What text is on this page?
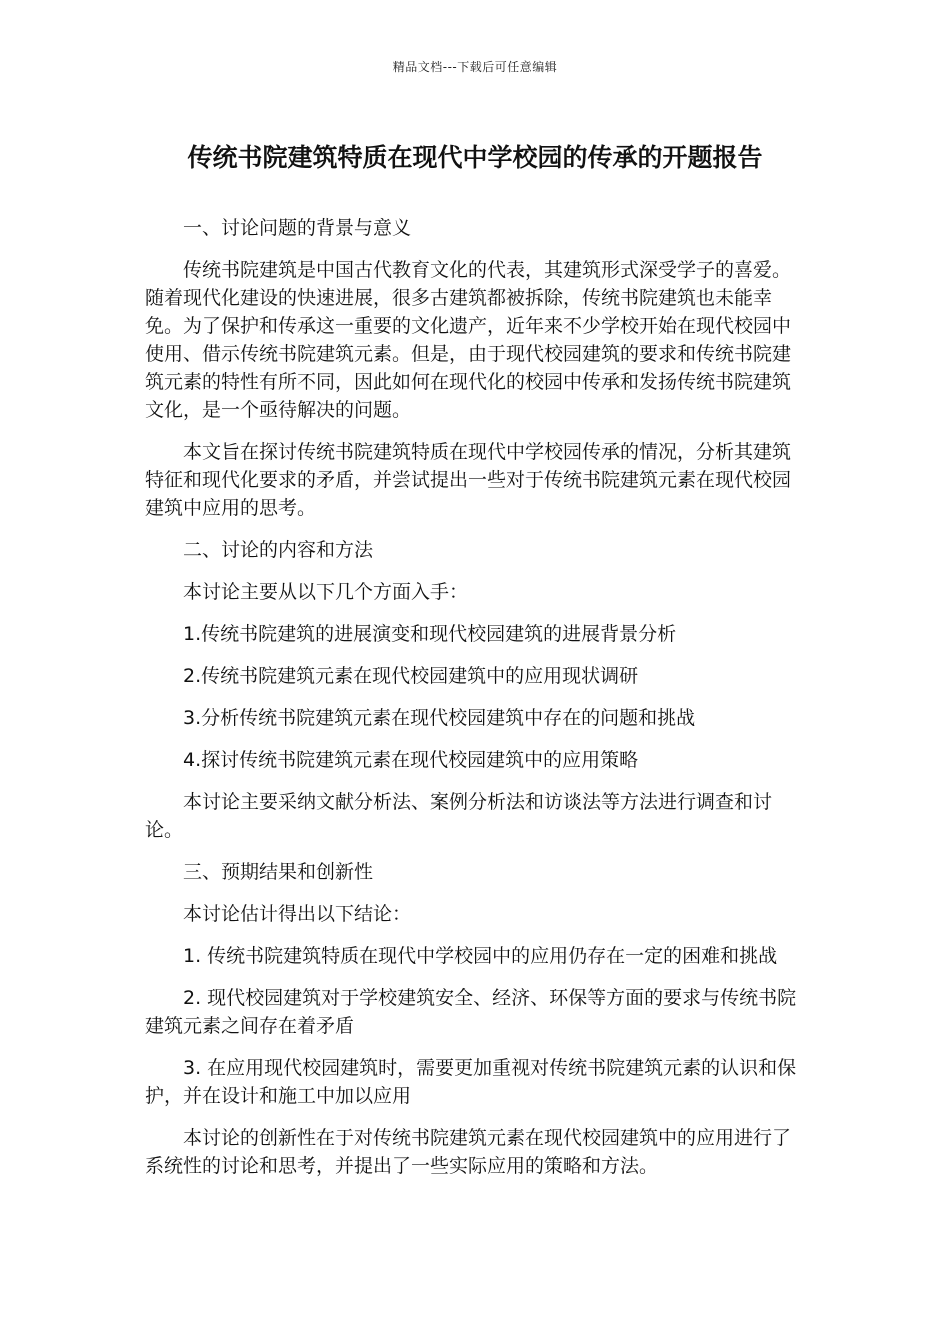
精品文档---下载后可任意编辑
传统书院建筑特质在现代中学校园的传承的开题报告

一、讨论问题的背景与意义

传统书院建筑是中国古代教育文化的代表，其建筑形式深受学子的喜爱。随着现代化建设的快速进展，很多古建筑都被拆除，传统书院建筑也未能幸免。为了保护和传承这一重要的文化遗产，近年来不少学校开始在现代校园中使用、借示传统书院建筑元素。但是，由于现代校园建筑的要求和传统书院建筑元素的特性有所不同，因此如何在现代化的校园中传承和发扬传统书院建筑文化，是一个亟待解决的问题。

本文旨在探讨传统书院建筑特质在现代中学校园传承的情况，分析其建筑特征和现代化要求的矛盾，并尝试提出一些对于传统书院建筑元素在现代校园建筑中应用的思考。

二、讨论的内容和方法

本讨论主要从以下几个方面入手：

1.传统书院建筑的进展演变和现代校园建筑的进展背景分析

2.传统书院建筑元素在现代校园建筑中的应用现状调研

3.分析传统书院建筑元素在现代校园建筑中存在的问题和挑战

4.探讨传统书院建筑元素在现代校园建筑中的应用策略

本讨论主要采纳文献分析法、案例分析法和访谈法等方法进行调查和讨论。

三、预期结果和创新性

本讨论估计得出以下结论：

1. 传统书院建筑特质在现代中学校园中的应用仍存在一定的困难和挑战

2. 现代校园建筑对于学校建筑安全、经济、环保等方面的要求与传统书院建筑元素之间存在着矛盾

3. 在应用现代校园建筑时，需要更加重视对传统书院建筑元素的认识和保护，并在设计和施工中加以应用

本讨论的创新性在于对传统书院建筑元素在现代校园建筑中的应用进行了系统性的讨论和思考，并提出了一些实际应用的策略和方法。
